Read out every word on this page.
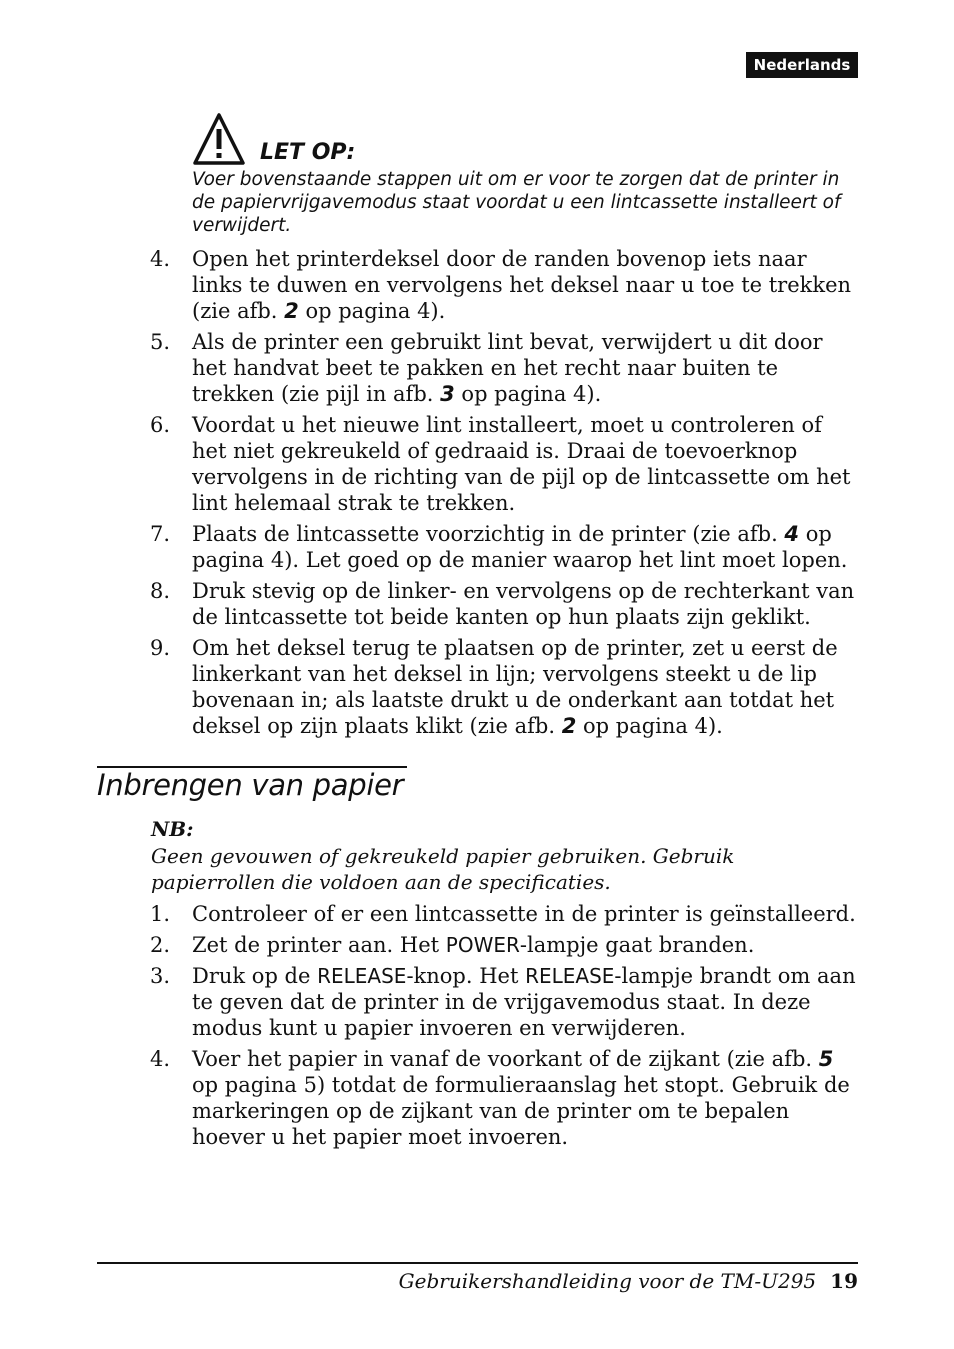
Nederlands
LET OP:
Voer bovenstaande stappen uit om er voor te zorgen dat de printer in de papiervrijgavemodus staat voordat u een lintcassette installeert of verwijdert.
4.	Open het printerdeksel door de randen bovenop iets naar links te duwen en vervolgens het deksel naar u toe te trekken (zie afb. 2 op pagina 4).
5.	Als de printer een gebruikt lint bevat, verwijdert u dit door het handvat beet te pakken en het recht naar buiten te trekken (zie pijl in afb. 3 op pagina 4).
6.	Voordat u het nieuwe lint installeert, moet u controleren of het niet gekreukeld of gedraaid is. Draai de toevoerknop vervolgens in de richting van de pijl op de lintcassette om het lint helemaal strak te trekken.
7.	Plaats de lintcassette voorzichtig in de printer (zie afb. 4 op pagina 4). Let goed op de manier waarop het lint moet lopen.
8.	Druk stevig op de linker- en vervolgens op de rechterkant van de lintcassette tot beide kanten op hun plaats zijn geklikt.
9.	Om het deksel terug te plaatsen op de printer, zet u eerst de linkerkant van het deksel in lijn; vervolgens steekt u de lip bovenaan in; als laatste drukt u de onderkant aan totdat het deksel op zijn plaats klikt (zie afb. 2 op pagina 4).
Inbrengen van papier
NB:
Geen gevouwen of gekreukeld papier gebruiken. Gebruik papierrollen die voldoen aan de specificaties.
1.	Controleer of er een lintcassette in de printer is geïnstalleerd.
2.	Zet de printer aan. Het POWER-lampje gaat branden.
3.	Druk op de RELEASE-knop. Het RELEASE-lampje brandt om aan te geven dat de printer in de vrijgavemodus staat. In deze modus kunt u papier invoeren en verwijderen.
4.	Voer het papier in vanaf de voorkant of de zijkant (zie afb. 5 op pagina 5) totdat de formulieraanslag het stopt. Gebruik de markeringen op de zijkant van de printer om te bepalen hoever u het papier moet invoeren.
Gebruikershandleiding voor de TM-U295 19
